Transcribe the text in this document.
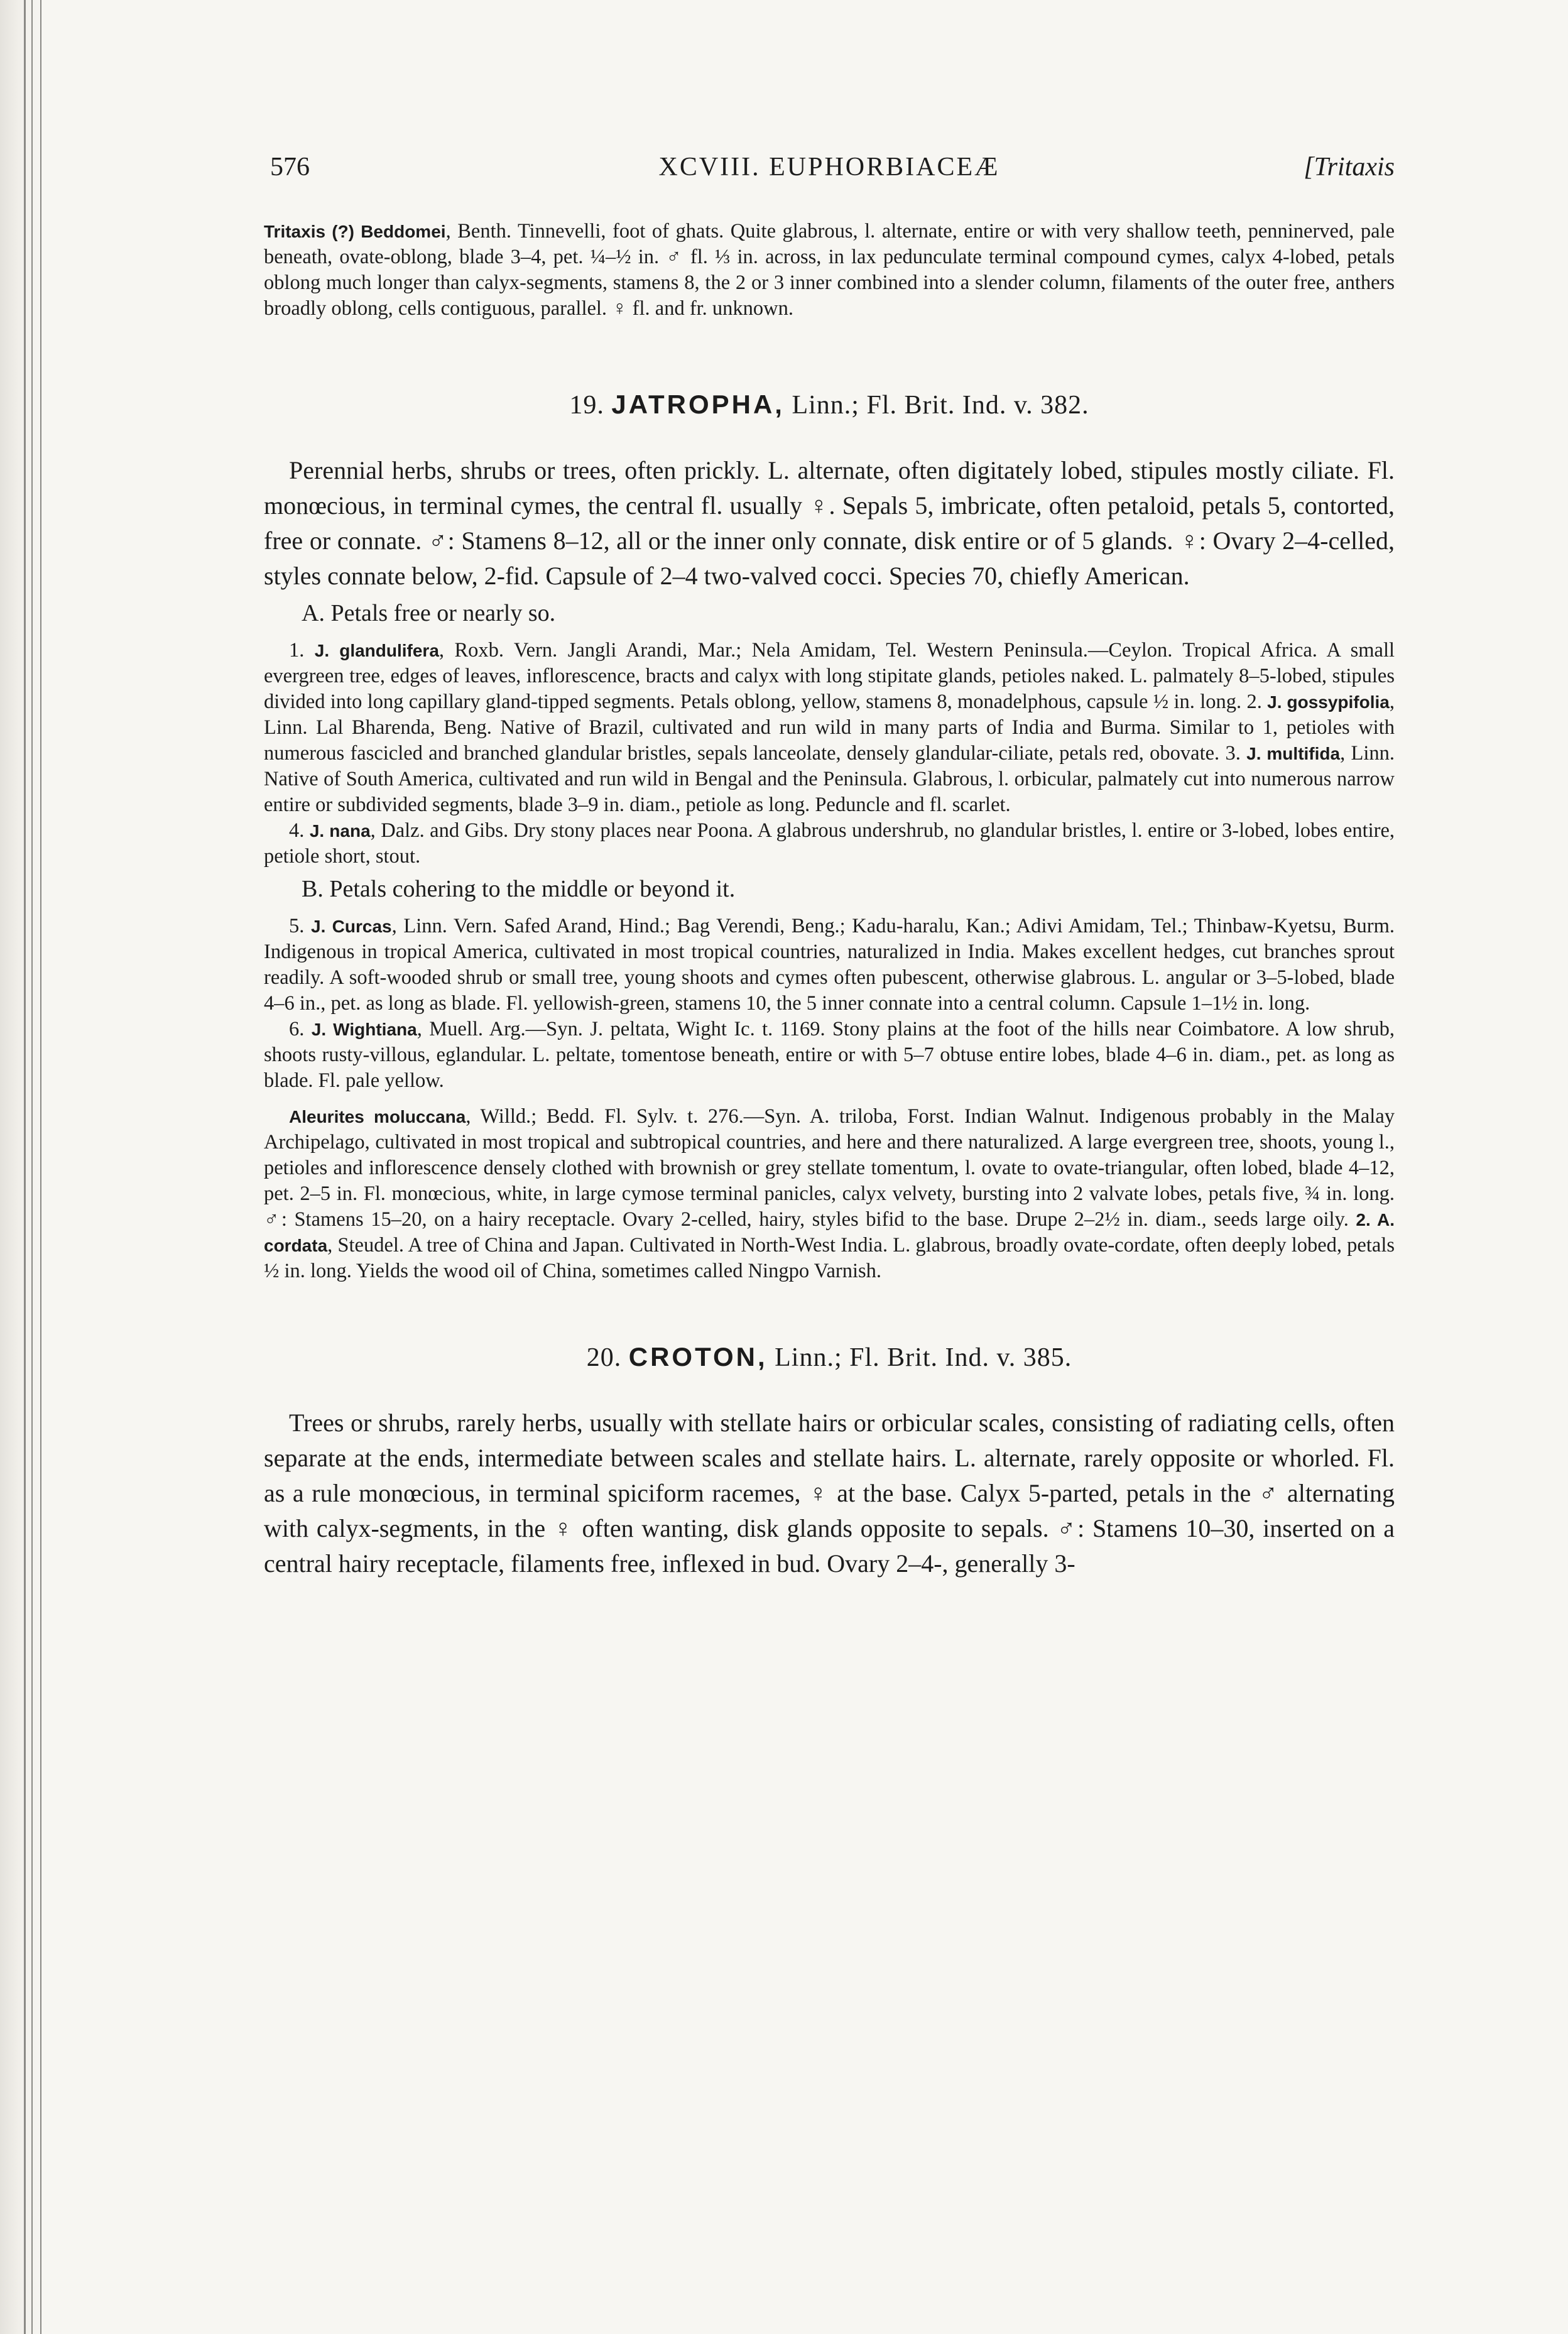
576	XCVIII. EUPHORBIACEÆ	[Tritaxis

Tritaxis (?) Beddomei, Benth. Tinnevelli, foot of ghats. Quite glabrous, l. alternate, entire or with very shallow teeth, penninerved, pale beneath, ovate-oblong, blade 3–4, pet. ¼–½ in. ♂ fl. ⅓ in. across, in lax pedunculate terminal compound cymes, calyx 4-lobed, petals oblong much longer than calyx-segments, stamens 8, the 2 or 3 inner combined into a slender column, filaments of the outer free, anthers broadly oblong, cells contiguous, parallel. ♀ fl. and fr. unknown.

19. JATROPHA, Linn.; Fl. Brit. Ind. v. 382.

Perennial herbs, shrubs or trees, often prickly. L. alternate, often digitately lobed, stipules mostly ciliate. Fl. monœcious, in terminal cymes, the central fl. usually ♀. Sepals 5, imbricate, often petaloid, petals 5, contorted, free or connate. ♂: Stamens 8–12, all or the inner only connate, disk entire or of 5 glands. ♀: Ovary 2–4-celled, styles connate below, 2-fid. Capsule of 2–4 two-valved cocci. Species 70, chiefly American.

A. Petals free or nearly so.

1. J. glandulifera, Roxb. Vern. Jangli Arandi, Mar.; Nela Amidam, Tel. Western Peninsula.—Ceylon. Tropical Africa. A small evergreen tree, edges of leaves, inflorescence, bracts and calyx with long stipitate glands, petioles naked. L. palmately 8–5-lobed, stipules divided into long capillary gland-tipped segments. Petals oblong, yellow, stamens 8, monadelphous, capsule ½ in. long. 2. J. gossypifolia, Linn. Lal Bharenda, Beng. Native of Brazil, cultivated and run wild in many parts of India and Burma. Similar to 1, petioles with numerous fascicled and branched glandular bristles, sepals lanceolate, densely glandular-ciliate, petals red, obovate. 3. J. multifida, Linn. Native of South America, cultivated and run wild in Bengal and the Peninsula. Glabrous, l. orbicular, palmately cut into numerous narrow entire or subdivided segments, blade 3–9 in. diam., petiole as long. Peduncle and fl. scarlet.

4. J. nana, Dalz. and Gibs. Dry stony places near Poona. A glabrous undershrub, no glandular bristles, l. entire or 3-lobed, lobes entire, petiole short, stout.

B. Petals cohering to the middle or beyond it.

5. J. Curcas, Linn. Vern. Safed Arand, Hind.; Bag Verendi, Beng.; Kadu-haralu, Kan.; Adivi Amidam, Tel.; Thinbaw-Kyetsu, Burm. Indigenous in tropical America, cultivated in most tropical countries, naturalized in India. Makes excellent hedges, cut branches sprout readily. A soft-wooded shrub or small tree, young shoots and cymes often pubescent, otherwise glabrous. L. angular or 3–5-lobed, blade 4–6 in., pet. as long as blade. Fl. yellowish-green, stamens 10, the 5 inner connate into a central column. Capsule 1–1½ in. long.

6. J. Wightiana, Muell. Arg.—Syn. J. peltata, Wight Ic. t. 1169. Stony plains at the foot of the hills near Coimbatore. A low shrub, shoots rusty-villous, eglandular. L. peltate, tomentose beneath, entire or with 5–7 obtuse entire lobes, blade 4–6 in. diam., pet. as long as blade. Fl. pale yellow.

Aleurites moluccana, Willd.; Bedd. Fl. Sylv. t. 276.—Syn. A. triloba, Forst. Indian Walnut. Indigenous probably in the Malay Archipelago, cultivated in most tropical and subtropical countries, and here and there naturalized. A large evergreen tree, shoots, young l., petioles and inflorescence densely clothed with brownish or grey stellate tomentum, l. ovate to ovate-triangular, often lobed, blade 4–12, pet. 2–5 in. Fl. monœcious, white, in large cymose terminal panicles, calyx velvety, bursting into 2 valvate lobes, petals five, ¾ in. long. ♂: Stamens 15–20, on a hairy receptacle. Ovary 2-celled, hairy, styles bifid to the base. Drupe 2–2½ in. diam., seeds large oily. 2. A. cordata, Steudel. A tree of China and Japan. Cultivated in North-West India. L. glabrous, broadly ovate-cordate, often deeply lobed, petals ½ in. long. Yields the wood oil of China, sometimes called Ningpo Varnish.

20. CROTON, Linn.; Fl. Brit. Ind. v. 385.

Trees or shrubs, rarely herbs, usually with stellate hairs or orbicular scales, consisting of radiating cells, often separate at the ends, intermediate between scales and stellate hairs. L. alternate, rarely opposite or whorled. Fl. as a rule monœcious, in terminal spiciform racemes, ♀ at the base. Calyx 5-parted, petals in the ♂ alternating with calyx-segments, in the ♀ often wanting, disk glands opposite to sepals. ♂: Stamens 10–30, inserted on a central hairy receptacle, filaments free, inflexed in bud. Ovary 2–4-, generally 3-
